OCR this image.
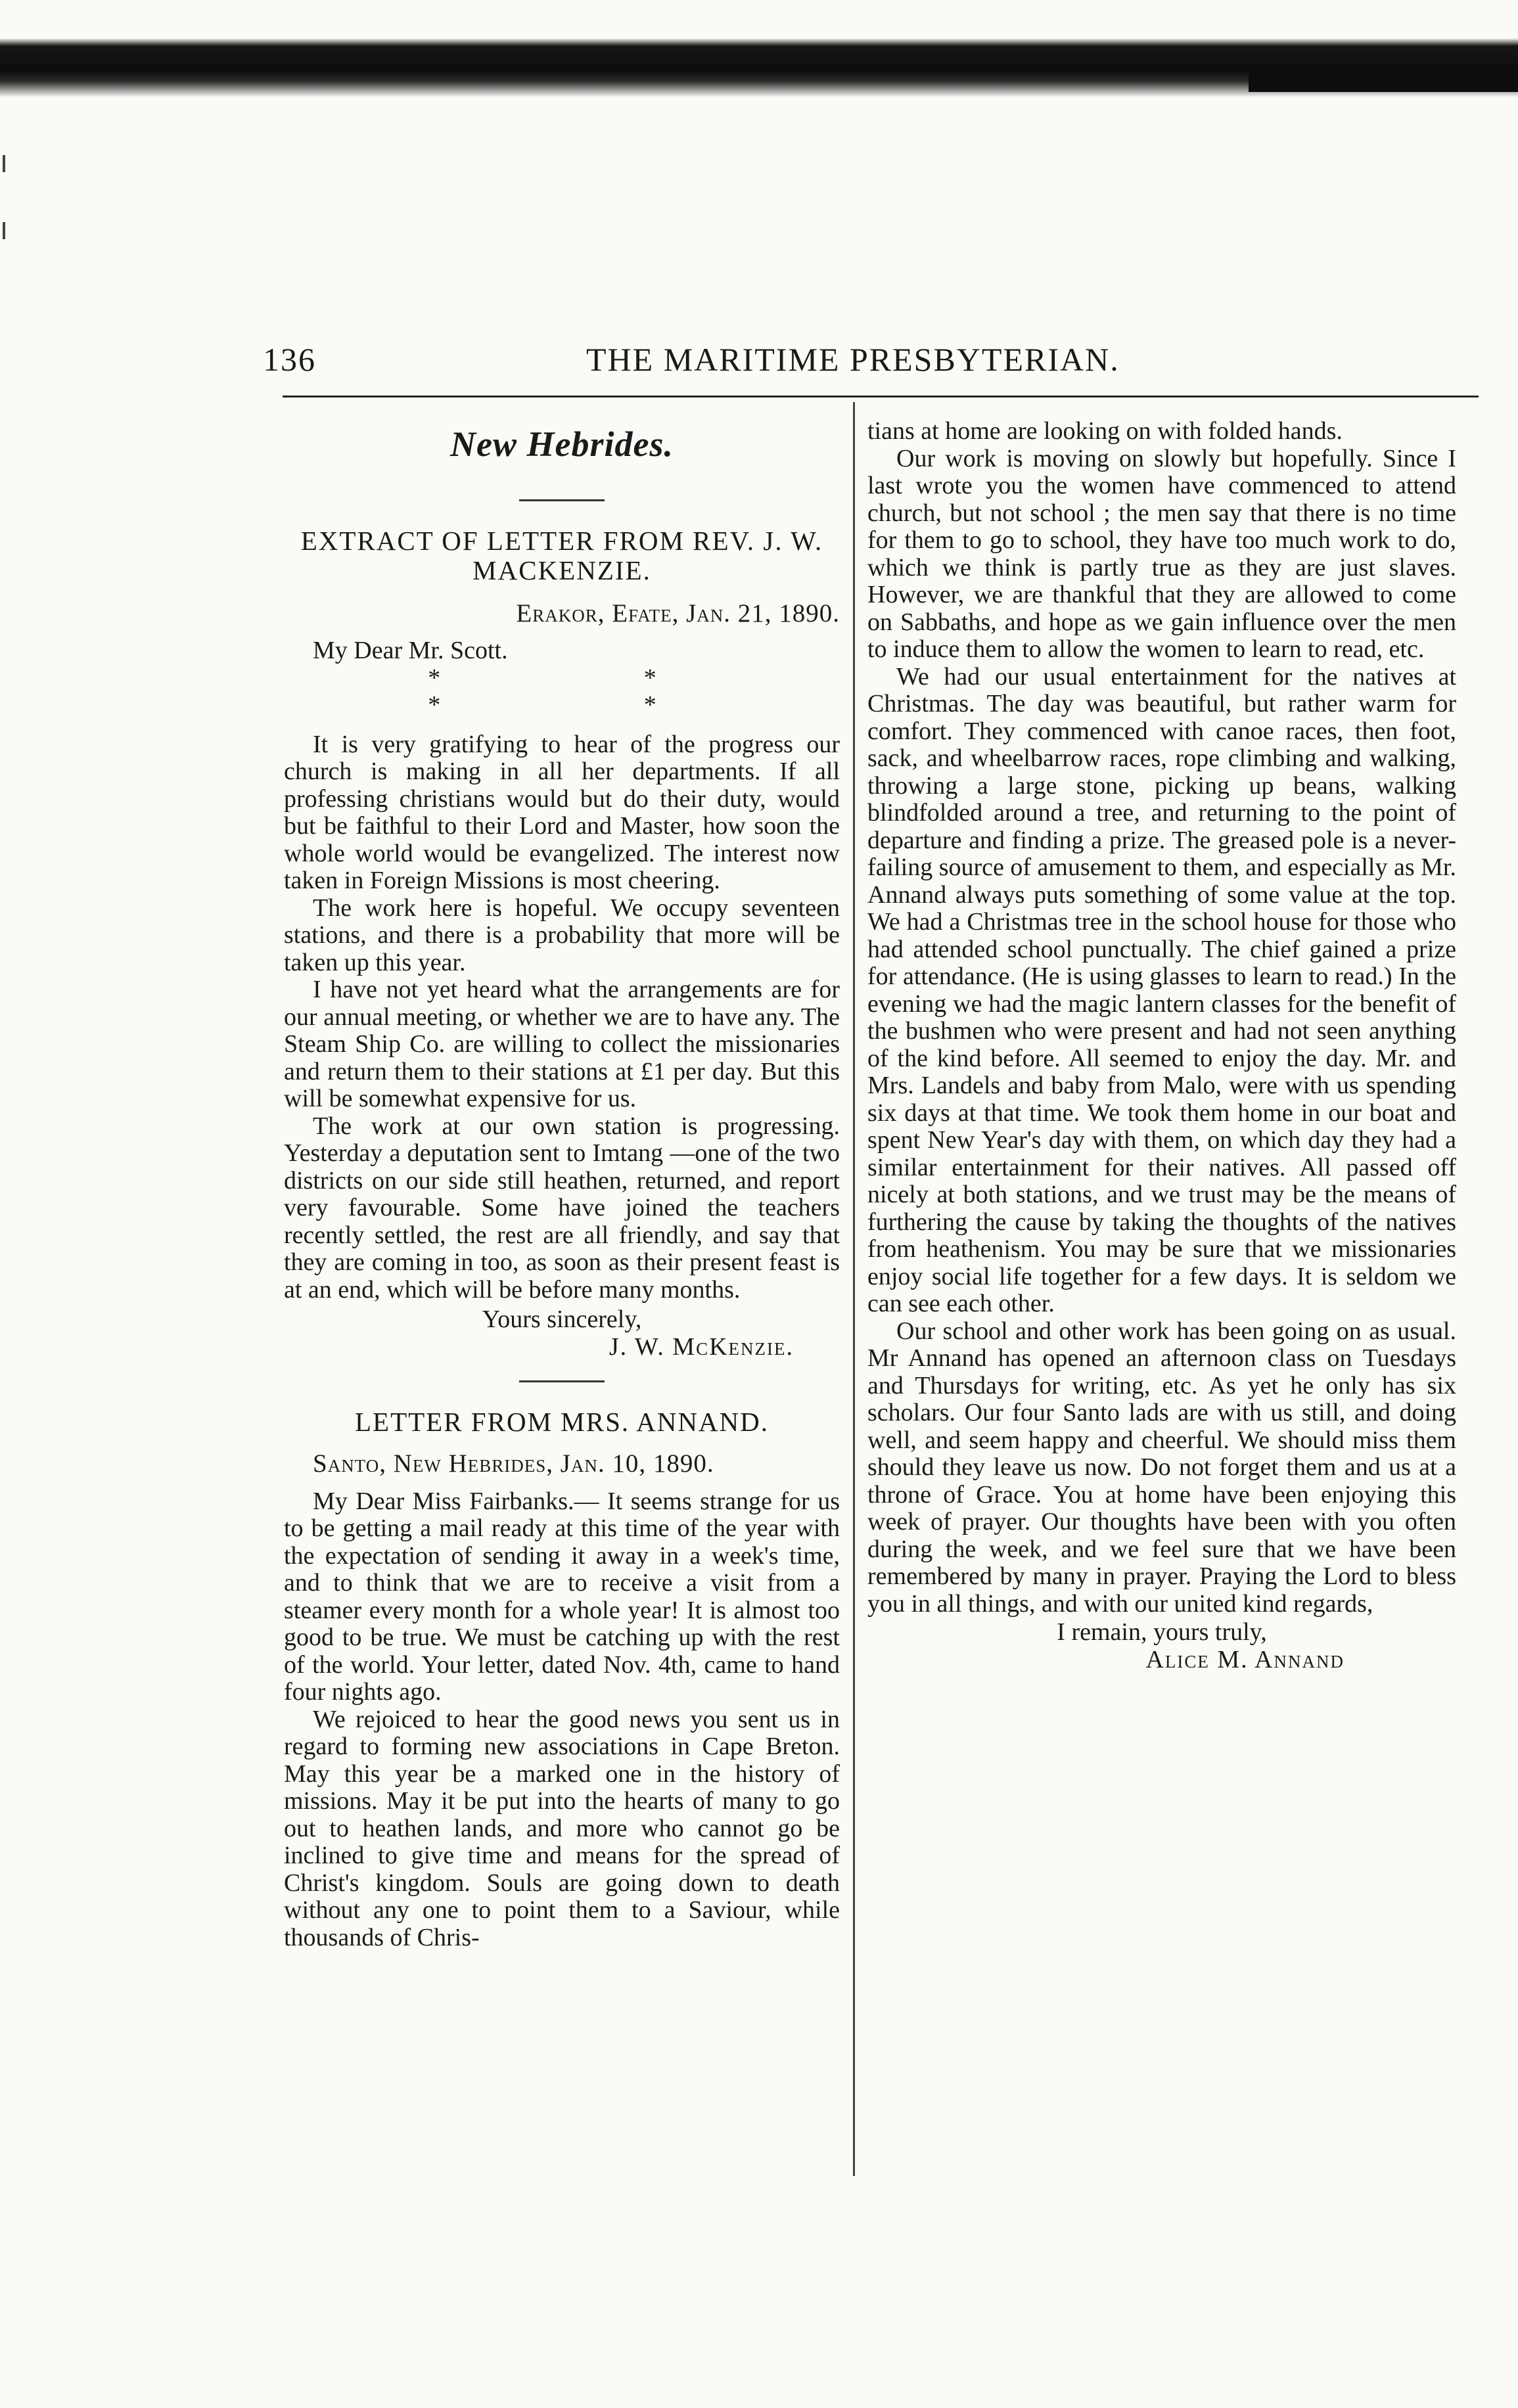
136	THE MARITIME PRESBYTERIAN.
New Hebrides.
EXTRACT OF LETTER FROM REV. J. W. MACKENZIE.
Erakor, Efate, Jan. 21, 1890.

My Dear Mr. Scott.

* * * *

It is very gratifying to hear of the progress our church is making in all her departments. If all professing christians would but do their duty, would but be faithful to their Lord and Master, how soon the whole world would be evangelized. The interest now taken in Foreign Missions is most cheering.

The work here is hopeful. We occupy seventeen stations, and there is a probability that more will be taken up this year.

I have not yet heard what the arrangements are for our annual meeting, or whether we are to have any. The Steam Ship Co. are willing to collect the missionaries and return them to their stations at £1 per day. But this will be somewhat expensive for us.

The work at our own station is progressing. Yesterday a deputation sent to Imtang —one of the two districts on our side still heathen, returned, and report very favourable. Some have joined the teachers recently settled, the rest are all friendly, and say that they are coming in too, as soon as their present feast is at an end, which will be before many months.

Yours sincerely,
J. W. McKenzie.
LETTER FROM MRS. ANNAND.
Santo, New Hebrides, Jan. 10, 1890.

My Dear Miss Fairbanks.— It seems strange for us to be getting a mail ready at this time of the year with the expectation of sending it away in a week's time, and to think that we are to receive a visit from a steamer every month for a whole year! It is almost too good to be true. We must be catching up with the rest of the world. Your letter, dated Nov. 4th, came to hand four nights ago.

We rejoiced to hear the good news you sent us in regard to forming new associations in Cape Breton. May this year be a marked one in the history of missions. May it be put into the hearts of many to go out to heathen lands, and more who cannot go be inclined to give time and means for the spread of Christ's kingdom. Souls are going down to death without any one to point them to a Saviour, while thousands of Chris-

tians at home are looking on with folded hands.

Our work is moving on slowly but hopefully. Since I last wrote you the women have commenced to attend church, but not school ; the men say that there is no time for them to go to school, they have too much work to do, which we think is partly true as they are just slaves. However, we are thankful that they are allowed to come on Sabbaths, and hope as we gain influence over the men to induce them to allow the women to learn to read, etc.

We had our usual entertainment for the natives at Christmas. The day was beautiful, but rather warm for comfort. They commenced with canoe races, then foot, sack, and wheelbarrow races, rope climbing and walking, throwing a large stone, picking up beans, walking blindfolded around a tree, and returning to the point of departure and finding a prize. The greased pole is a never-failing source of amusement to them, and especially as Mr. Annand always puts something of some value at the top. We had a Christmas tree in the school house for those who had attended school punctually. The chief gained a prize for attendance. (He is using glasses to learn to read.) In the evening we had the magic lantern classes for the benefit of the bushmen who were present and had not seen anything of the kind before. All seemed to enjoy the day. Mr. and Mrs. Landels and baby from Malo, were with us spending six days at that time. We took them home in our boat and spent New Year's day with them, on which day they had a similar entertainment for their natives. All passed off nicely at both stations, and we trust may be the means of furthering the cause by taking the thoughts of the natives from heathenism. You may be sure that we missionaries enjoy social life together for a few days. It is seldom we can see each other.

Our school and other work has been going on as usual. Mr Annand has opened an afternoon class on Tuesdays and Thursdays for writing, etc. As yet he only has six scholars. Our four Santo lads are with us still, and doing well, and seem happy and cheerful. We should miss them should they leave us now. Do not forget them and us at a throne of Grace. You at home have been enjoying this week of prayer. Our thoughts have been with you often during the week, and we feel sure that we have been remembered by many in prayer. Praying the Lord to bless you in all things, and with our united kind regards,

I remain, yours truly,
Alice M. Annand
